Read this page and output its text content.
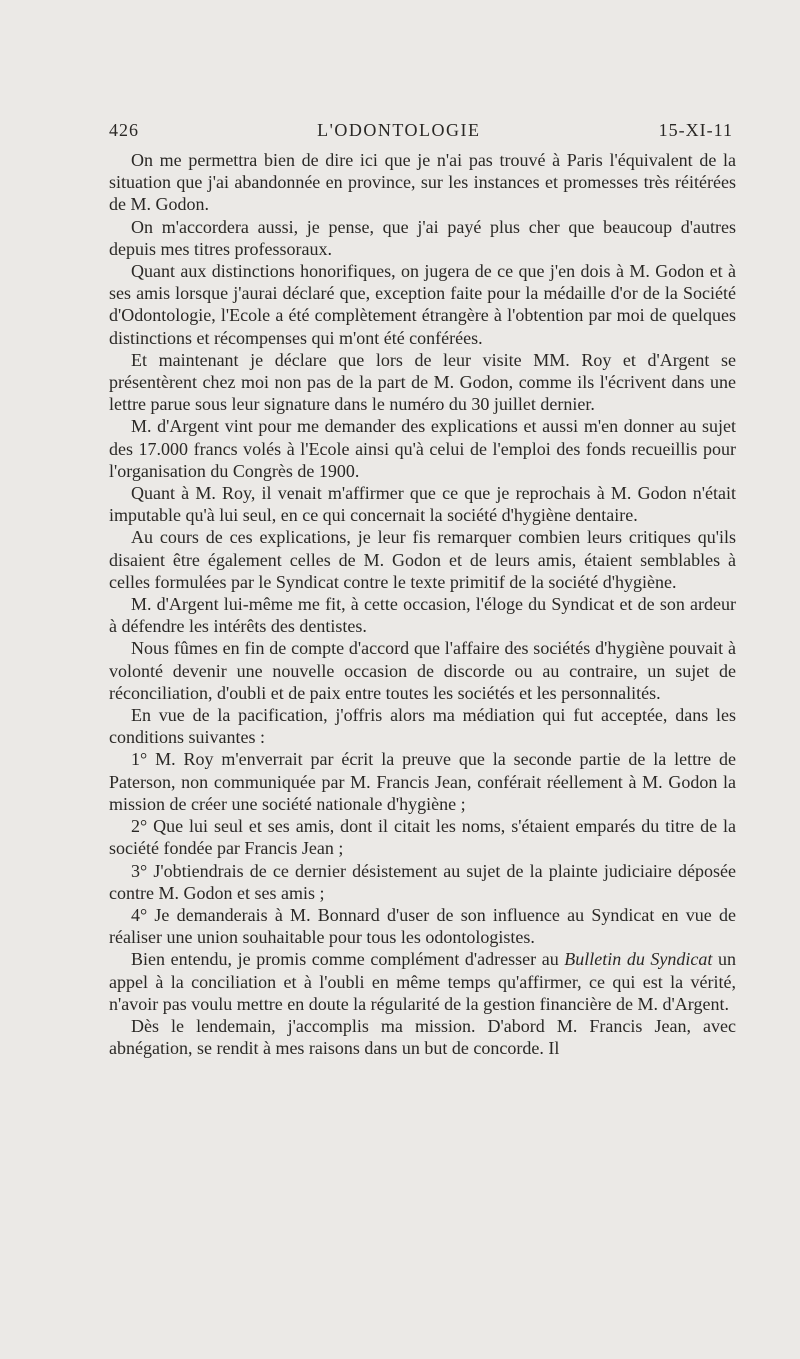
426	L'ODONTOLOGIE	15-XI-11

On me permettra bien de dire ici que je n'ai pas trouvé à Paris l'équivalent de la situation que j'ai abandonnée en province, sur les instances et promesses très réitérées de M. Godon.

On m'accordera aussi, je pense, que j'ai payé plus cher que beaucoup d'autres depuis mes titres professoraux.

Quant aux distinctions honorifiques, on jugera de ce que j'en dois à M. Godon et à ses amis lorsque j'aurai déclaré que, exception faite pour la médaille d'or de la Société d'Odontologie, l'Ecole a été complètement étrangère à l'obtention par moi de quelques distinctions et récompenses qui m'ont été conférées.

Et maintenant je déclare que lors de leur visite MM. Roy et d'Argent se présentèrent chez moi non pas de la part de M. Godon, comme ils l'écrivent dans une lettre parue sous leur signature dans le numéro du 30 juillet dernier.

M. d'Argent vint pour me demander des explications et aussi m'en donner au sujet des 17.000 francs volés à l'Ecole ainsi qu'à celui de l'emploi des fonds recueillis pour l'organisation du Congrès de 1900.

Quant à M. Roy, il venait m'affirmer que ce que je reprochais à M. Godon n'était imputable qu'à lui seul, en ce qui concernait la société d'hygiène dentaire.

Au cours de ces explications, je leur fis remarquer combien leurs critiques qu'ils disaient être également celles de M. Godon et de leurs amis, étaient semblables à celles formulées par le Syndicat contre le texte primitif de la société d'hygiène.

M. d'Argent lui-même me fit, à cette occasion, l'éloge du Syndicat et de son ardeur à défendre les intérêts des dentistes.

Nous fûmes en fin de compte d'accord que l'affaire des sociétés d'hygiène pouvait à volonté devenir une nouvelle occasion de discorde ou au contraire, un sujet de réconciliation, d'oubli et de paix entre toutes les sociétés et les personnalités.

En vue de la pacification, j'offris alors ma médiation qui fut acceptée, dans les conditions suivantes :

1° M. Roy m'enverrait par écrit la preuve que la seconde partie de la lettre de Paterson, non communiquée par M. Francis Jean, conférait réellement à M. Godon la mission de créer une société nationale d'hygiène ;

2° Que lui seul et ses amis, dont il citait les noms, s'étaient emparés du titre de la société fondée par Francis Jean ;

3° J'obtiendrais de ce dernier désistement au sujet de la plainte judiciaire déposée contre M. Godon et ses amis ;

4° Je demanderais à M. Bonnard d'user de son influence au Syndicat en vue de réaliser une union souhaitable pour tous les odontologistes.

Bien entendu, je promis comme complément d'adresser au Bulletin du Syndicat un appel à la conciliation et à l'oubli en même temps qu'affirmer, ce qui est la vérité, n'avoir pas voulu mettre en doute la régularité de la gestion financière de M. d'Argent.

Dès le lendemain, j'accomplis ma mission. D'abord M. Francis Jean, avec abnégation, se rendit à mes raisons dans un but de concorde. Il
